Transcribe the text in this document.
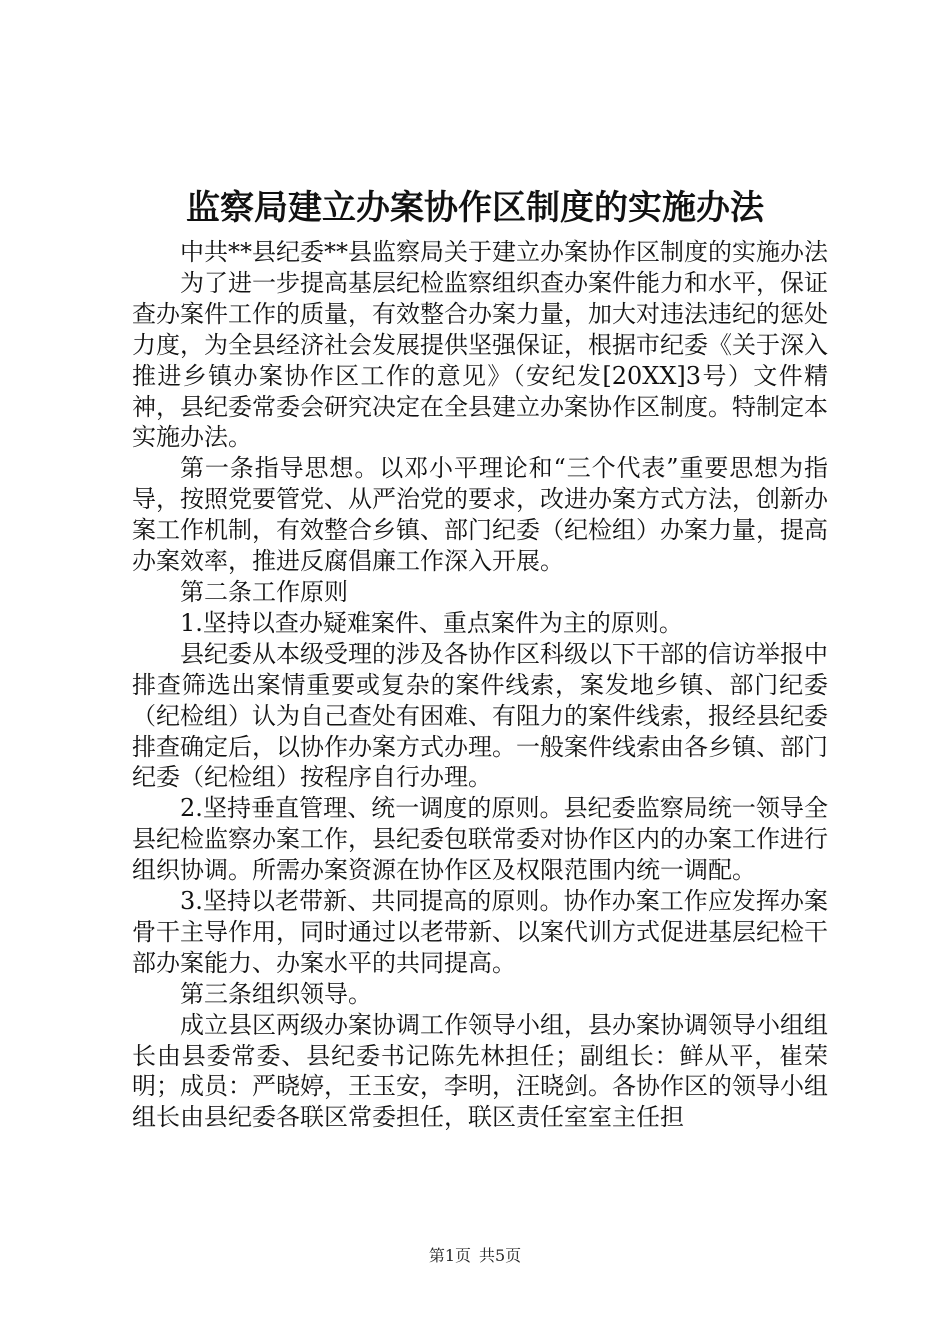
监察局建立办案协作区制度的实施办法

中共**县纪委**县监察局关于建立办案协作区制度的实施办法

为了进一步提高基层纪检监察组织查办案件能力和水平，保证查办案件工作的质量，有效整合办案力量，加大对违法违纪的惩处力度，为全县经济社会发展提供坚强保证，根据市纪委《关于深入推进乡镇办案协作区工作的意见》（安纪发[20XX]3号）文件精神，县纪委常委会研究决定在全县建立办案协作区制度。特制定本实施办法。

第一条指导思想。以邓小平理论和“三个代表”重要思想为指导，按照党要管党、从严治党的要求，改进办案方式方法，创新办案工作机制，有效整合乡镇、部门纪委（纪检组）办案力量，提高办案效率，推进反腐倡廉工作深入开展。

第二条工作原则

1.坚持以查办疑难案件、重点案件为主的原则。

县纪委从本级受理的涉及各协作区科级以下干部的信访举报中排查筛选出案情重要或复杂的案件线索，案发地乡镇、部门纪委（纪检组）认为自己查处有困难、有阻力的案件线索，报经县纪委排查确定后，以协作办案方式办理。一般案件线索由各乡镇、部门纪委（纪检组）按程序自行办理。

2.坚持垂直管理、统一调度的原则。县纪委监察局统一领导全县纪检监察办案工作，县纪委包联常委对协作区内的办案工作进行组织协调。所需办案资源在协作区及权限范围内统一调配。

3.坚持以老带新、共同提高的原则。协作办案工作应发挥办案骨干主导作用，同时通过以老带新、以案代训方式促进基层纪检干部办案能力、办案水平的共同提高。

第三条组织领导。

成立县区两级办案协调工作领导小组，县办案协调领导小组组长由县委常委、县纪委书记陈先林担任；副组长：鲜从平，崔荣明；成员：严晓婷，王玉安，李明，汪晓剑。各协作区的领导小组组长由县纪委各联区常委担任，联区责任室室主任担

第1页 共5页
